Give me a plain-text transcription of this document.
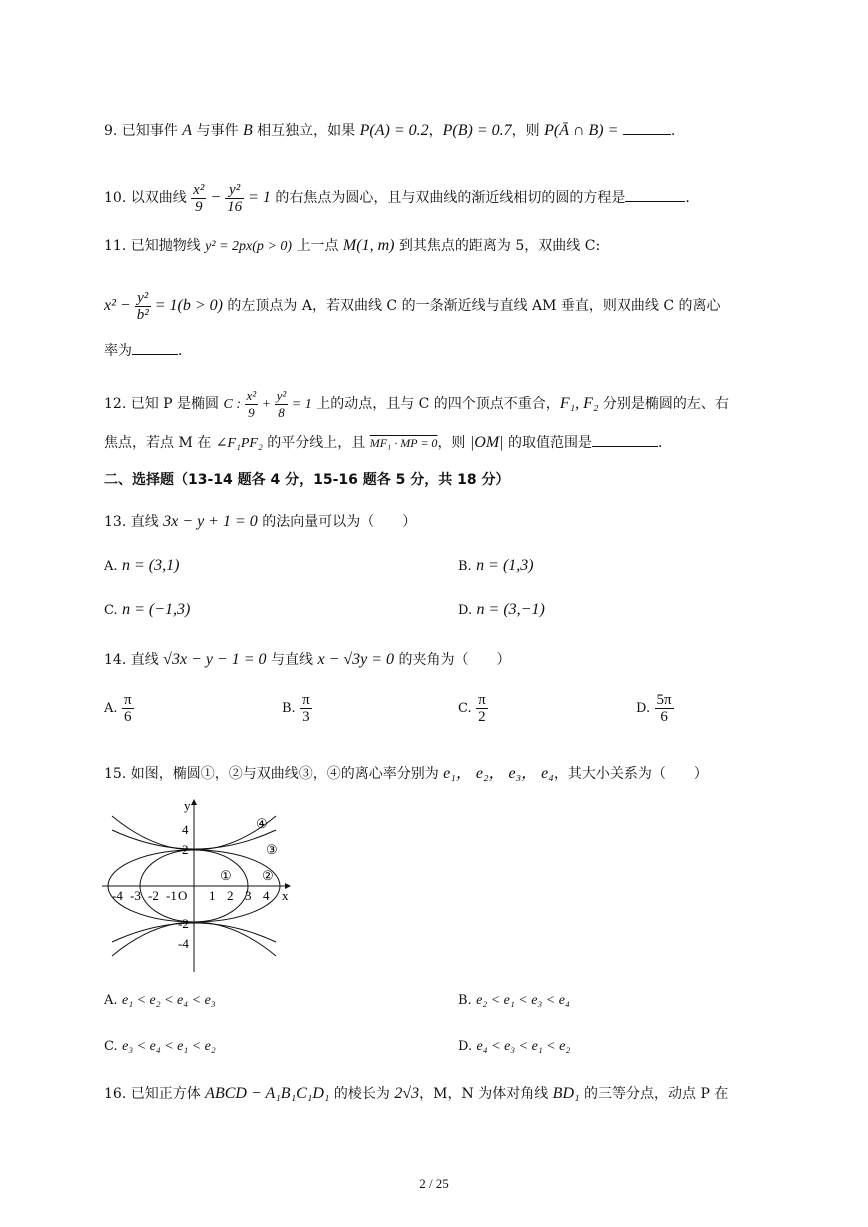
9. 已知事件 A 与事件 B 相互独立，如果 P(A) = 0.2，P(B) = 0.7，则 P(Ā ∩ B) =	.
10. 以双曲线 $\frac{\text{x²}}{9} - \frac{\text{y²}}{16} = 1$ 的右焦点为圆心，且与双曲线的渐近线相切的圆的方程是	.
11. 已知抛物线 y² = 2px(p > 0) 上一点 M(1, m) 到其焦点的距离为 5，双曲线 C:
$x^2 - \frac{\text{y²}}{\text{b²}} = 1(b > 0)$ 的左顶点为 A，若双曲线 C 的一条渐近线与直线 AM 垂直，则双曲线 C 的离心
率为	.
12. 已知 P 是椭圆 C : $\frac{\text{x²}}{9} + \frac{\text{y²}}{8} = 1$ 上的动点，且与 C 的四个顶点不重合，F₁, F₂ 分别是椭圆的左、右
焦点，若点 M 在 ∠F₁PF₂ 的平分线上，且 MF₁ · MP = 0，则 |OM| 的取值范围是	.
二、选择题（13-14 题各 4 分，15-16 题各 5 分，共 18 分）
13. 直线 3x − y + 1 = 0 的法向量可以为（　　）
A. n = (3,1)	B. n = (1,3)
C. n = (−1,3)	D. n = (3,−1)
14. 直线 √3x − y − 1 = 0 与直线 x − √3y = 0 的夹角为（　　）
A. $\frac{\pi}{6}$	B. $\frac{\pi}{3}$	C. $\frac{\pi}{2}$	D. $\frac{5\pi}{6}$
15. 如图，椭圆①，②与双曲线③，④的离心率分别为 e₁， e₂， e₃， e₄，其大小关系为（　　）
y
x
O
4
2
-2
-4
-4 -3 -2 -1 1 2 3 4
① ②
③
④
A. e₁ < e₂ < e₄ < e₃	B. e₂ < e₁ < e₃ < e₄
C. e₃ < e₄ < e₁ < e₂	D. e₄ < e₃ < e₁ < e₂
16. 已知正方体 ABCD − A₁B₁C₁D₁ 的棱长为 2√3，M，N 为体对角线 BD₁ 的三等分点，动点 P 在
2 / 25
